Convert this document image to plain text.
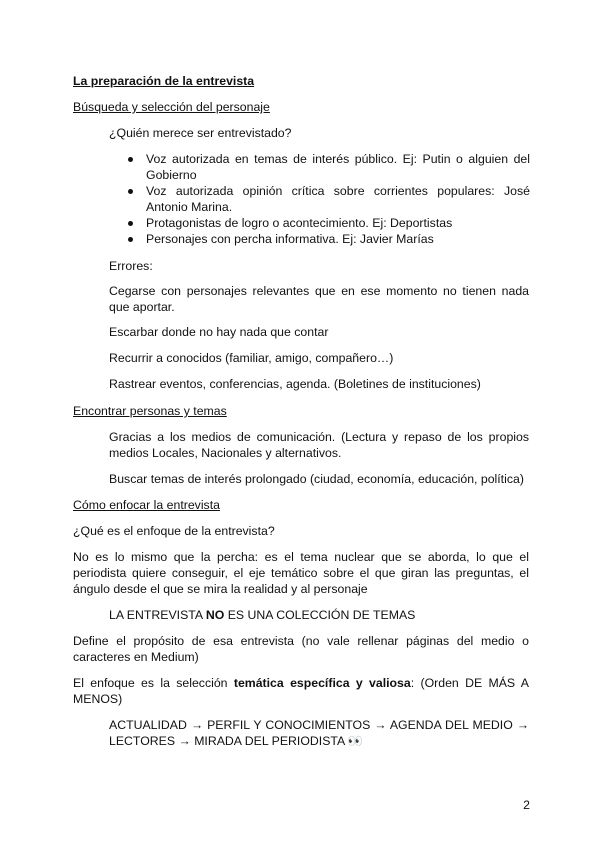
La preparación de la entrevista
Búsqueda y selección del personaje
¿Quién merece ser entrevistado?
Voz autorizada en temas de interés público. Ej: Putin o alguien del Gobierno
Voz autorizada opinión crítica sobre corrientes populares: José Antonio Marina.
Protagonistas de logro o acontecimiento. Ej: Deportistas
Personajes con percha informativa. Ej: Javier Marías
Errores:
Cegarse con personajes relevantes que en ese momento no tienen nada que aportar.
Escarbar donde no hay nada que contar
Recurrir a conocidos (familiar, amigo, compañero…)
Rastrear eventos, conferencias, agenda. (Boletines de instituciones)
Encontrar personas y temas
Gracias a los medios de comunicación. (Lectura y repaso de los propios medios Locales, Nacionales y alternativos.
Buscar temas de interés prolongado (ciudad, economía, educación, política)
Cómo enfocar la entrevista
¿Qué es el enfoque de la entrevista?
No es lo mismo que la percha: es el tema nuclear que se aborda, lo que el periodista quiere conseguir, el eje temático sobre el que giran las preguntas, el ángulo desde el que se mira la realidad y al personaje
LA ENTREVISTA NO ES UNA COLECCIÓN DE TEMAS
Define el propósito de esa entrevista (no vale rellenar páginas del medio o caracteres en Medium)
El enfoque es la selección temática específica y valiosa: (Orden DE MÁS A MENOS)
ACTUALIDAD → PERFIL Y CONOCIMIENTOS → AGENDA DEL MEDIO → LECTORES → MIRADA DEL PERIODISTA 👀
2
